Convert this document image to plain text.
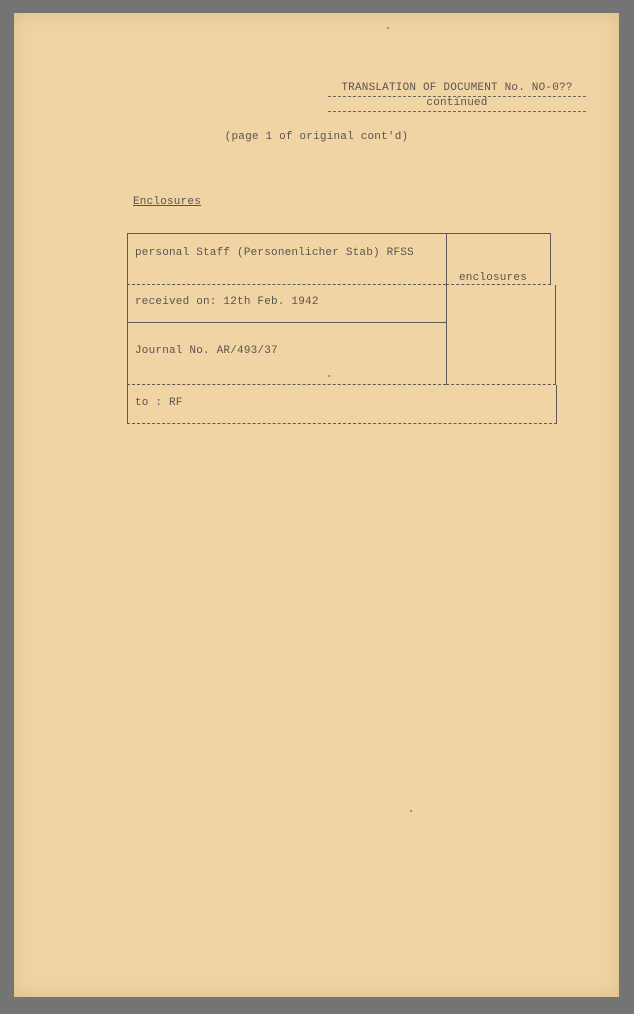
TRANSLATION OF DOCUMENT No. NO-0??
continued
(page 1 of original cont'd)
Enclosures
personal Staff (Personenlicher Stab) RFSS
enclosures
received on: 12th Feb. 1942
Journal No. AR/493/37
to : RF
